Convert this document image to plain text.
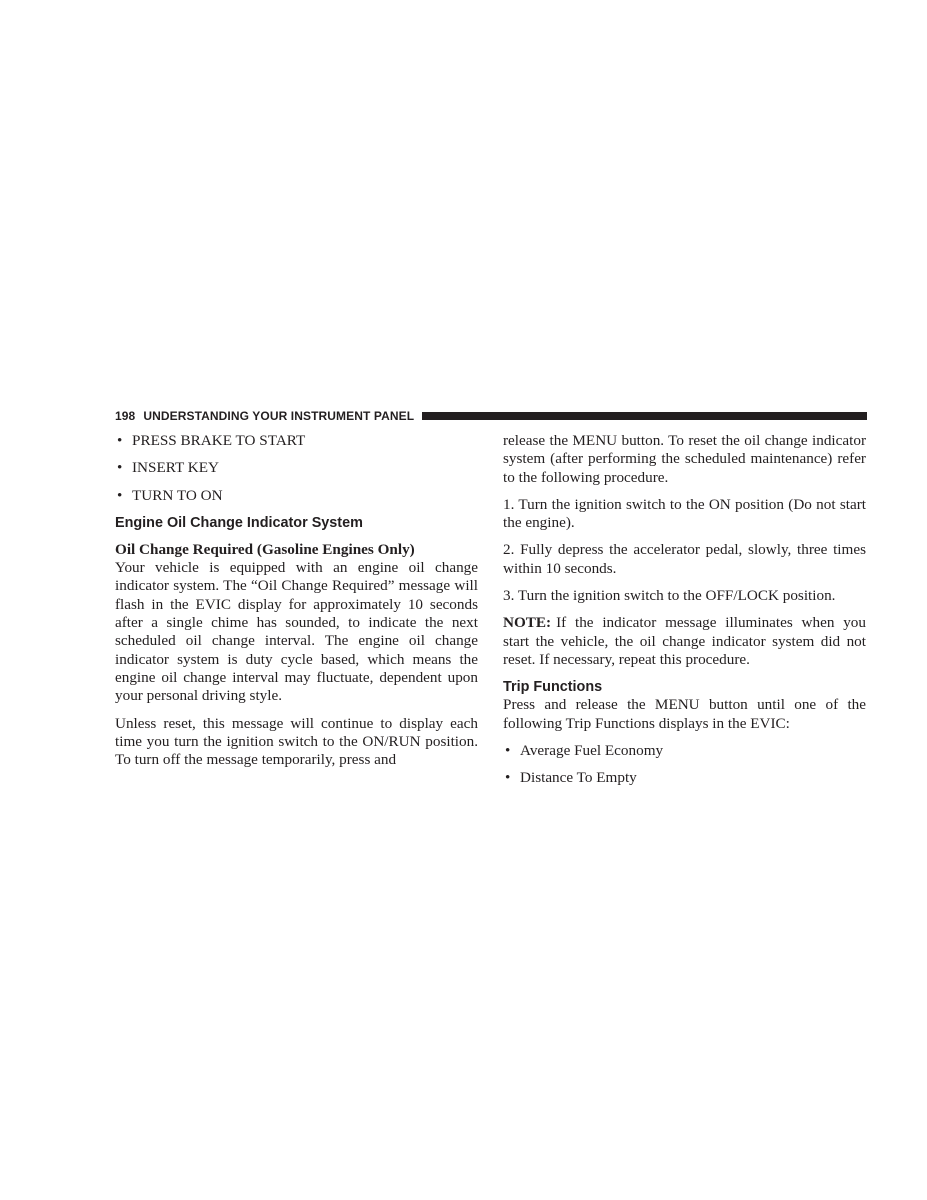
198 UNDERSTANDING YOUR INSTRUMENT PANEL
• PRESS BRAKE TO START
• INSERT KEY
• TURN TO ON
Engine Oil Change Indicator System
Oil Change Required (Gasoline Engines Only)

Your vehicle is equipped with an engine oil change indicator system. The “Oil Change Required” message will flash in the EVIC display for approximately 10 seconds after a single chime has sounded, to indicate the next scheduled oil change interval. The engine oil change indicator system is duty cycle based, which means the engine oil change interval may fluctuate, dependent upon your personal driving style.

Unless reset, this message will continue to display each time you turn the ignition switch to the ON/RUN position. To turn off the message temporarily, press and

release the MENU button. To reset the oil change indicator system (after performing the scheduled maintenance) refer to the following procedure.

1. Turn the ignition switch to the ON position (Do not start the engine).

2. Fully depress the accelerator pedal, slowly, three times within 10 seconds.

3. Turn the ignition switch to the OFF/LOCK position.

NOTE: If the indicator message illuminates when you start the vehicle, the oil change indicator system did not reset. If necessary, repeat this procedure.

Trip Functions

Press and release the MENU button until one of the following Trip Functions displays in the EVIC:

• Average Fuel Economy
• Distance To Empty
